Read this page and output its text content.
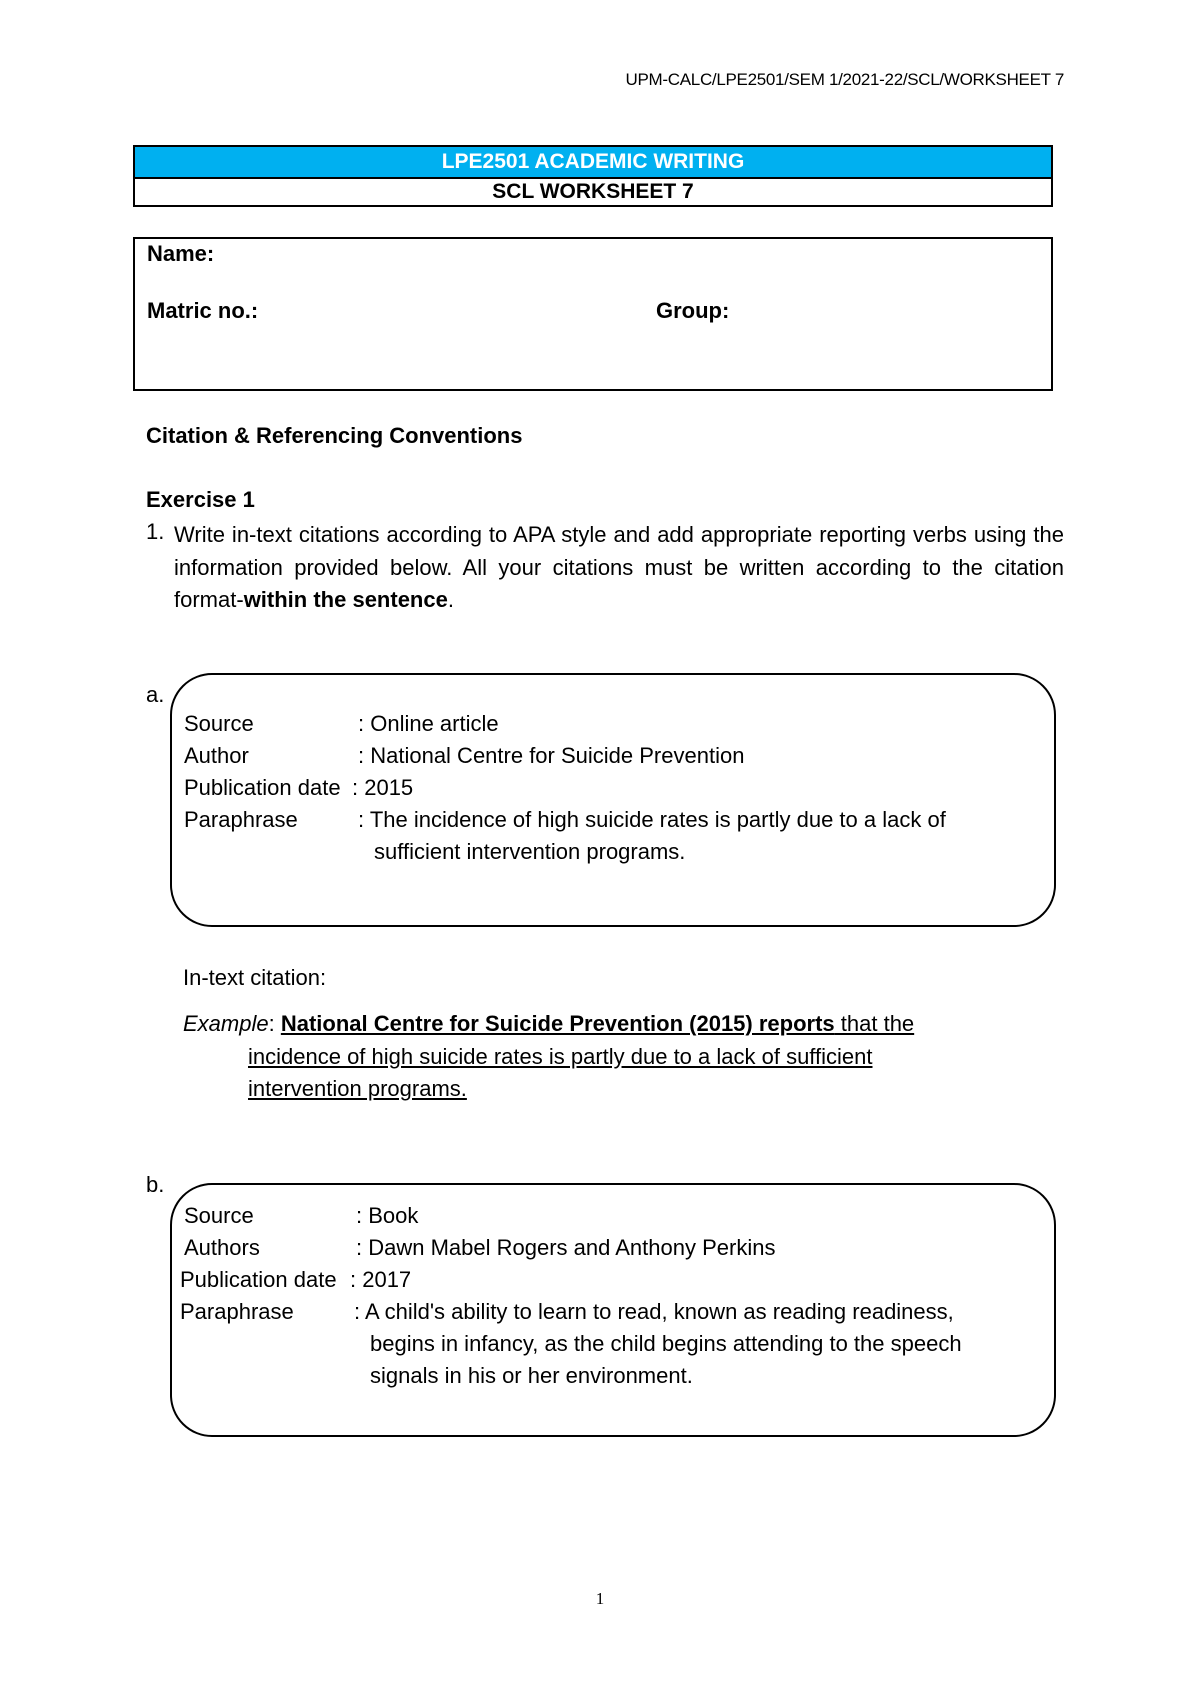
UPM-CALC/LPE2501/SEM 1/2021-22/SCL/WORKSHEET 7
LPE2501 ACADEMIC WRITING
SCL WORKSHEET 7
Name:
Matric no.:	Group:
Citation & Referencing Conventions
Exercise 1
1. Write in-text citations according to APA style and add appropriate reporting verbs using the information provided below. All your citations must be written according to the citation format-within the sentence.
a.
Source	: Online article
Author	: National Centre for Suicide Prevention
Publication date : 2015
Paraphrase	: The incidence of high suicide rates is partly due to a lack of
sufficient intervention programs.
In-text citation:
Example: National Centre for Suicide Prevention (2015) reports that the
incidence of high suicide rates is partly due to a lack of sufficient
intervention programs.
b.
Source	: Book
Authors	: Dawn Mabel Rogers and Anthony Perkins
Publication date : 2017
Paraphrase	: A child's ability to learn to read, known as reading readiness,
begins in infancy, as the child begins attending to the speech
signals in his or her environment.
1
